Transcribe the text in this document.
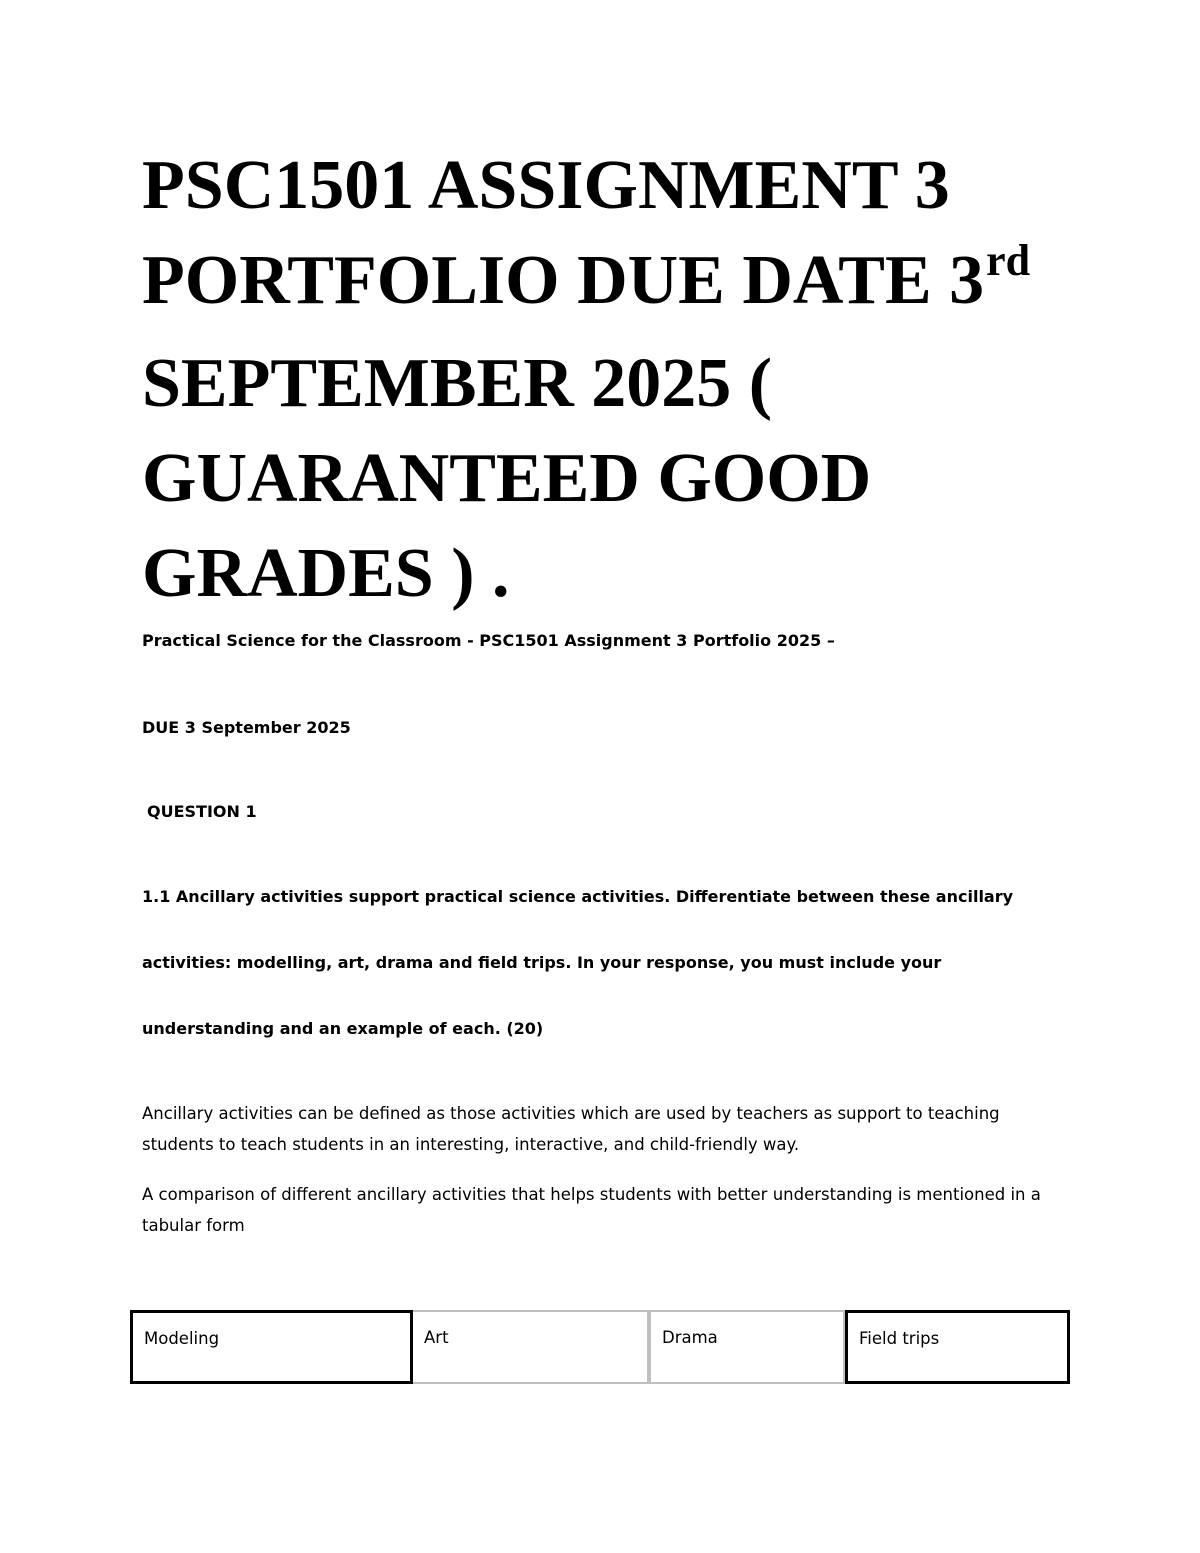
PSC1501 ASSIGNMENT 3
PORTFOLIO DUE DATE 3rd
SEPTEMBER 2025 (
GUARANTEED GOOD
GRADES ) .

Practical Science for the Classroom - PSC1501 Assignment 3 Portfolio 2025 –

DUE 3 September 2025

QUESTION 1

1.1 Ancillary activities support practical science activities. Differentiate between these ancillary

activities: modelling, art, drama and field trips. In your response, you must include your

understanding and an example of each. (20)

Ancillary activities can be defined as those activities which are used by teachers as support to teaching students to teach students in an interesting, interactive, and child-friendly way.

A comparison of different ancillary activities that helps students with better understanding is mentioned in a tabular form

Modeling	Art	Drama	Field trips
